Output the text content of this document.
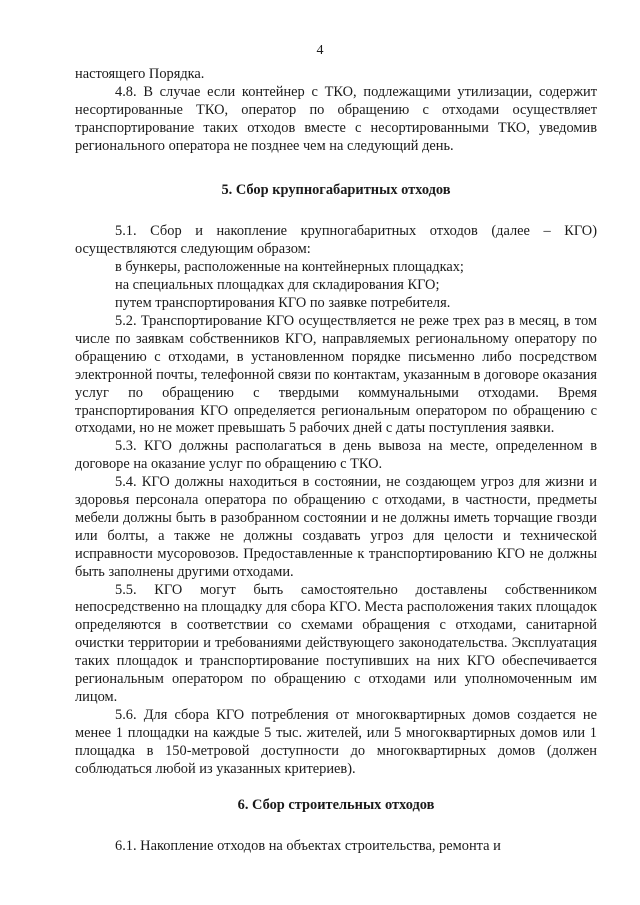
4

настоящего Порядка.

4.8. В случае если контейнер с ТКО, подлежащими утилизации, содержит несортированные ТКО, оператор по обращению с отходами осуществляет транспортирование таких отходов вместе с несортированными ТКО, уведомив регионального оператора не позднее чем на следующий день.

5. Сбор крупногабаритных отходов

5.1. Сбор и накопление крупногабаритных отходов (далее – КГО) осуществляются следующим образом:

в бункеры, расположенные на контейнерных площадках;

на специальных площадках для складирования КГО;

путем транспортирования КГО по заявке потребителя.

5.2. Транспортирование КГО осуществляется не реже трех раз в месяц, в том числе по заявкам собственников КГО, направляемых региональному оператору по обращению с отходами, в установленном порядке письменно либо посредством электронной почты, телефонной связи по контактам, указанным в договоре оказания услуг по обращению с твердыми коммунальными отходами. Время транспортирования КГО определяется региональным оператором по обращению с отходами, но не может превышать 5 рабочих дней с даты поступления заявки.

5.3. КГО должны располагаться в день вывоза на месте, определенном в договоре на оказание услуг по обращению с ТКО.

5.4. КГО должны находиться в состоянии, не создающем угроз для жизни и здоровья персонала оператора по обращению с отходами, в частности, предметы мебели должны быть в разобранном состоянии и не должны иметь торчащие гвозди или болты, а также не должны создавать угроз для целости и технической исправности мусоровозов. Предоставленные к транспортированию КГО не должны быть заполнены другими отходами.

5.5. КГО могут быть самостоятельно доставлены собственником непосредственно на площадку для сбора КГО. Места расположения таких площадок определяются в соответствии со схемами обращения с отходами, санитарной очистки территории и требованиями действующего законодательства. Эксплуатация таких площадок и транспортирование поступивших на них КГО обеспечивается региональным оператором по обращению с отходами или уполномоченным им лицом.

5.6. Для сбора КГО потребления от многоквартирных домов создается не менее 1 площадки на каждые 5 тыс. жителей, или 5 многоквартирных домов или 1 площадка в 150-метровой доступности до многоквартирных домов (должен соблюдаться любой из указанных критериев).

6. Сбор строительных отходов

6.1. Накопление отходов на объектах строительства, ремонта и
